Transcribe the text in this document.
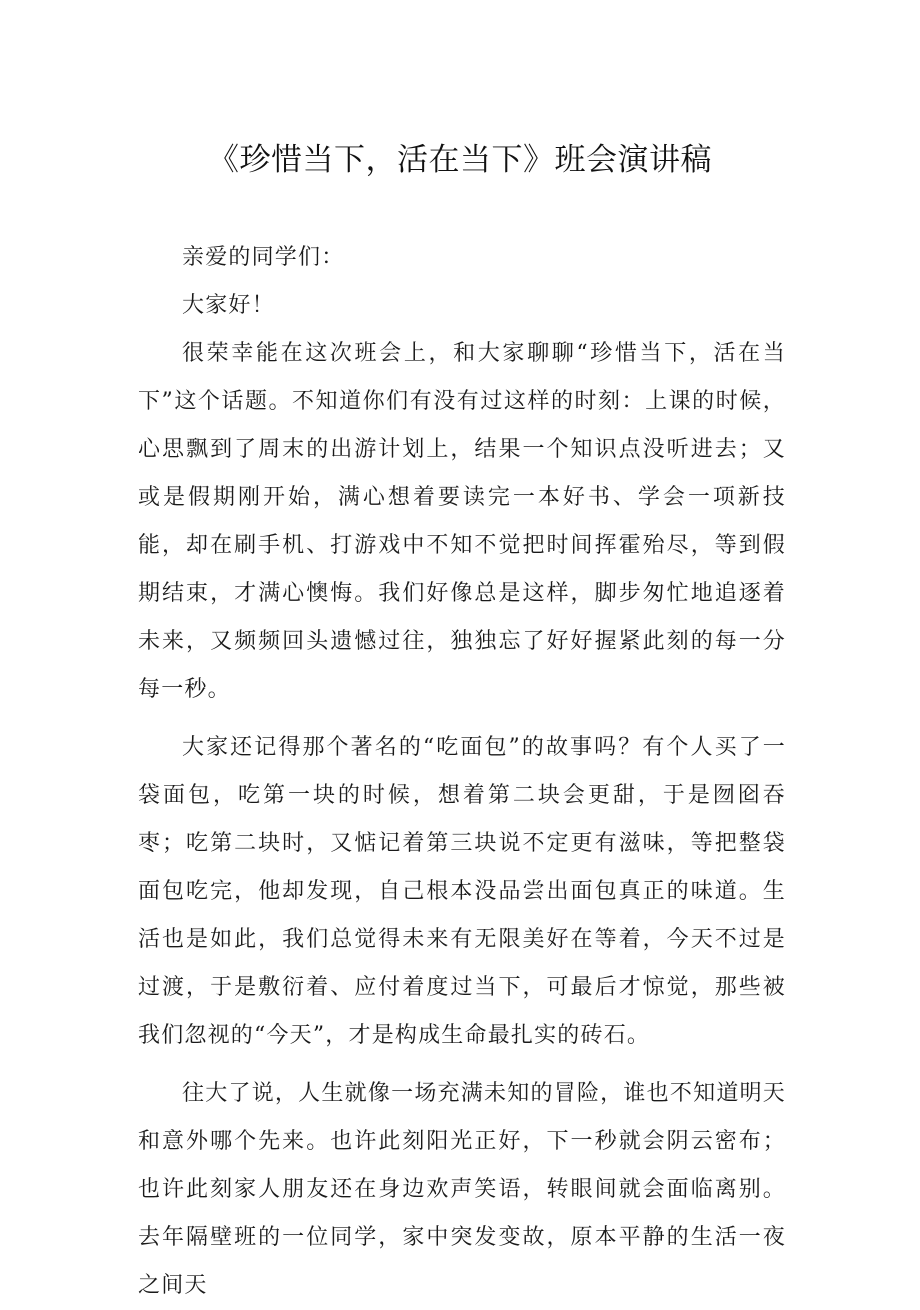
《珍惜当下，活在当下》班会演讲稿

亲爱的同学们：

大家好！

很荣幸能在这次班会上，和大家聊聊“珍惜当下，活在当下”这个话题。不知道你们有没有过这样的时刻：上课的时候，心思飘到了周末的出游计划上，结果一个知识点没听进去；又或是假期刚开始，满心想着要读完一本好书、学会一项新技能，却在刷手机、打游戏中不知不觉把时间挥霍殆尽，等到假期结束，才满心懊悔。我们好像总是这样，脚步匆忙地追逐着未来，又频频回头遗憾过往，独独忘了好好握紧此刻的每一分每一秒。

大家还记得那个著名的“吃面包”的故事吗？有个人买了一袋面包，吃第一块的时候，想着第二块会更甜，于是囫囵吞枣；吃第二块时，又惦记着第三块说不定更有滋味，等把整袋面包吃完，他却发现，自己根本没品尝出面包真正的味道。生活也是如此，我们总觉得未来有无限美好在等着，今天不过是过渡，于是敷衍着、应付着度过当下，可最后才惊觉，那些被我们忽视的“今天”，才是构成生命最扎实的砖石。

往大了说，人生就像一场充满未知的冒险，谁也不知道明天和意外哪个先来。也许此刻阳光正好，下一秒就会阴云密布；也许此刻家人朋友还在身边欢声笑语，转眼间就会面临离别。去年隔壁班的一位同学，家中突发变故，原本平静的生活一夜之间天
